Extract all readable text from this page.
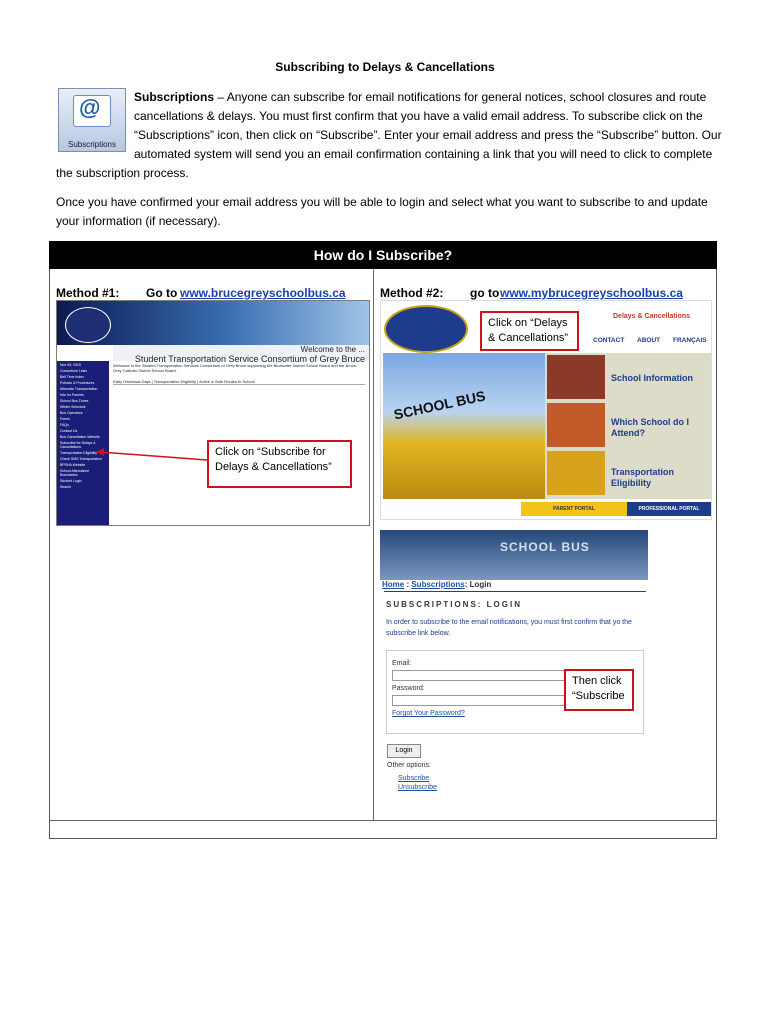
Subscribing to Delays & Cancellations
@
Subscriptions
Subscriptions – Anyone can subscribe for email notifications for general notices, school closures and route cancellations & delays. You must first confirm that you have a valid email address. To subscribe click on the “Subscriptions” icon, then click on “Subscribe”. Enter your email address and press the “Subscribe” button. Our automated system will send you an email confirmation containing a link that you will need to click to complete
the subscription process.
Once you have confirmed your email address you will be able to login and select what you want to subscribe to and update your information (if necessary).
How do I Subscribe?
Method #1: Go to www.brucegreyschoolbus.ca
Welcome to the ...
Student Transportation Service Consortium of Grey Bruce
Nov 09, 2015
Consortium Links
Bell Time Index
Policies & Procedures
Alternate Transportation
Info for Parents
School Bus Zones
Winter Schedule
Bus Operators
Forms
FAQs
Contact Us
Bus Cancellation Website
Subscribe for Delays & Cancellations
Transportation Eligibility
Check SMS Transportation
BPSHA Website
School Attendance Boundaries
Student Login
Search
Welcome to the Student Transportation Services Consortium of Grey Bruce supporting the Bluewater District School Board and the Bruce-Grey Catholic District School Board.
Early Dismissal Days | Transportation Eligibility | Active & Safe Routes to School
Click on “Subscribe for Delays & Cancellations”
Method #2: go to www.mybrucegreyschoolbus.ca
Delays & Cancellations
CONTACT ABOUT FRANÇAIS
SCHOOL BUS
School Information
Which School do I Attend?
Transportation Eligibility
PARENT PORTAL	PROFESSIONAL PORTAL
Click on “Delays & Cancellations”
SCHOOL BUS
Home : Subscriptions: Login
SUBSCRIPTIONS: LOGIN
In order to subscribe to the email notifications, you must first confirm that yo the subscribe link below.
Email:
Password:
Forgot Your Password?
Login
Other options:
Subscribe
Unsubscribe
Then click “Subscribe
